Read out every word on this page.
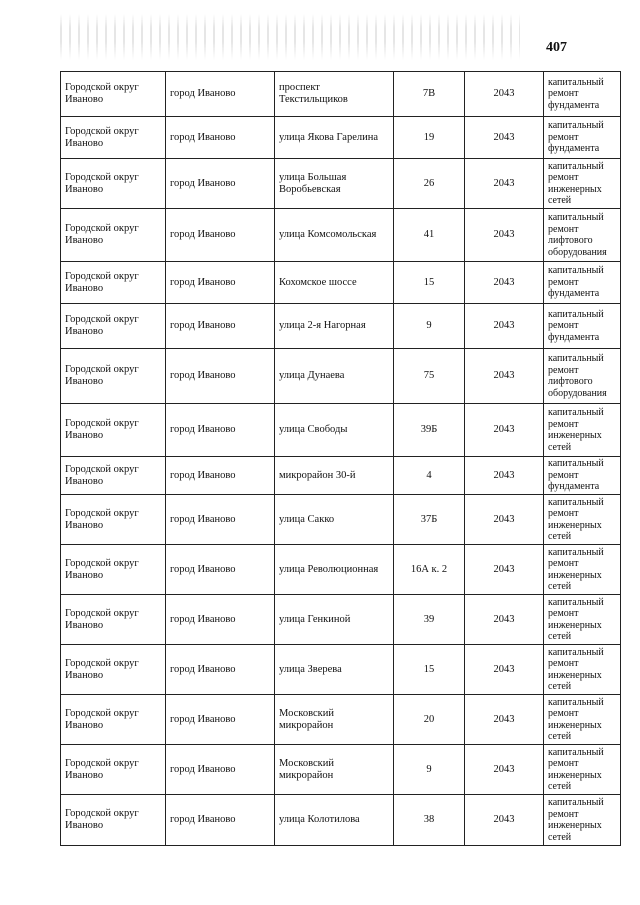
407
Городской округ Иваново	город Иваново	проспект Текстильщиков	7В	2043	капитальный ремонт фундамента
Городской округ Иваново	город Иваново	улица Якова Гарелина	19	2043	капитальный ремонт фундамента
Городской округ Иваново	город Иваново	улица Большая Воробьевская	26	2043	капитальный ремонт инженерных сетей
Городской округ Иваново	город Иваново	улица Комсомольская	41	2043	капитальный ремонт лифтового оборудования
Городской округ Иваново	город Иваново	Кохомское шоссе	15	2043	капитальный ремонт фундамента
Городской округ Иваново	город Иваново	улица 2-я Нагорная	9	2043	капитальный ремонт фундамента
Городской округ Иваново	город Иваново	улица Дунаева	75	2043	капитальный ремонт лифтового оборудования
Городской округ Иваново	город Иваново	улица Свободы	39Б	2043	капитальный ремонт инженерных сетей
Городской округ Иваново	город Иваново	микрорайон 30-й	4	2043	капитальный ремонт фундамента
Городской округ Иваново	город Иваново	улица Сакко	37Б	2043	капитальный ремонт инженерных сетей
Городской округ Иваново	город Иваново	улица Революционная	16А к. 2	2043	капитальный ремонт инженерных сетей
Городской округ Иваново	город Иваново	улица Генкиной	39	2043	капитальный ремонт инженерных сетей
Городской округ Иваново	город Иваново	улица Зверева	15	2043	капитальный ремонт инженерных сетей
Городской округ Иваново	город Иваново	Московский микрорайон	20	2043	капитальный ремонт инженерных сетей
Городской округ Иваново	город Иваново	Московский микрорайон	9	2043	капитальный ремонт инженерных сетей
Городской округ Иваново	город Иваново	улица Колотилова	38	2043	капитальный ремонт инженерных сетей
